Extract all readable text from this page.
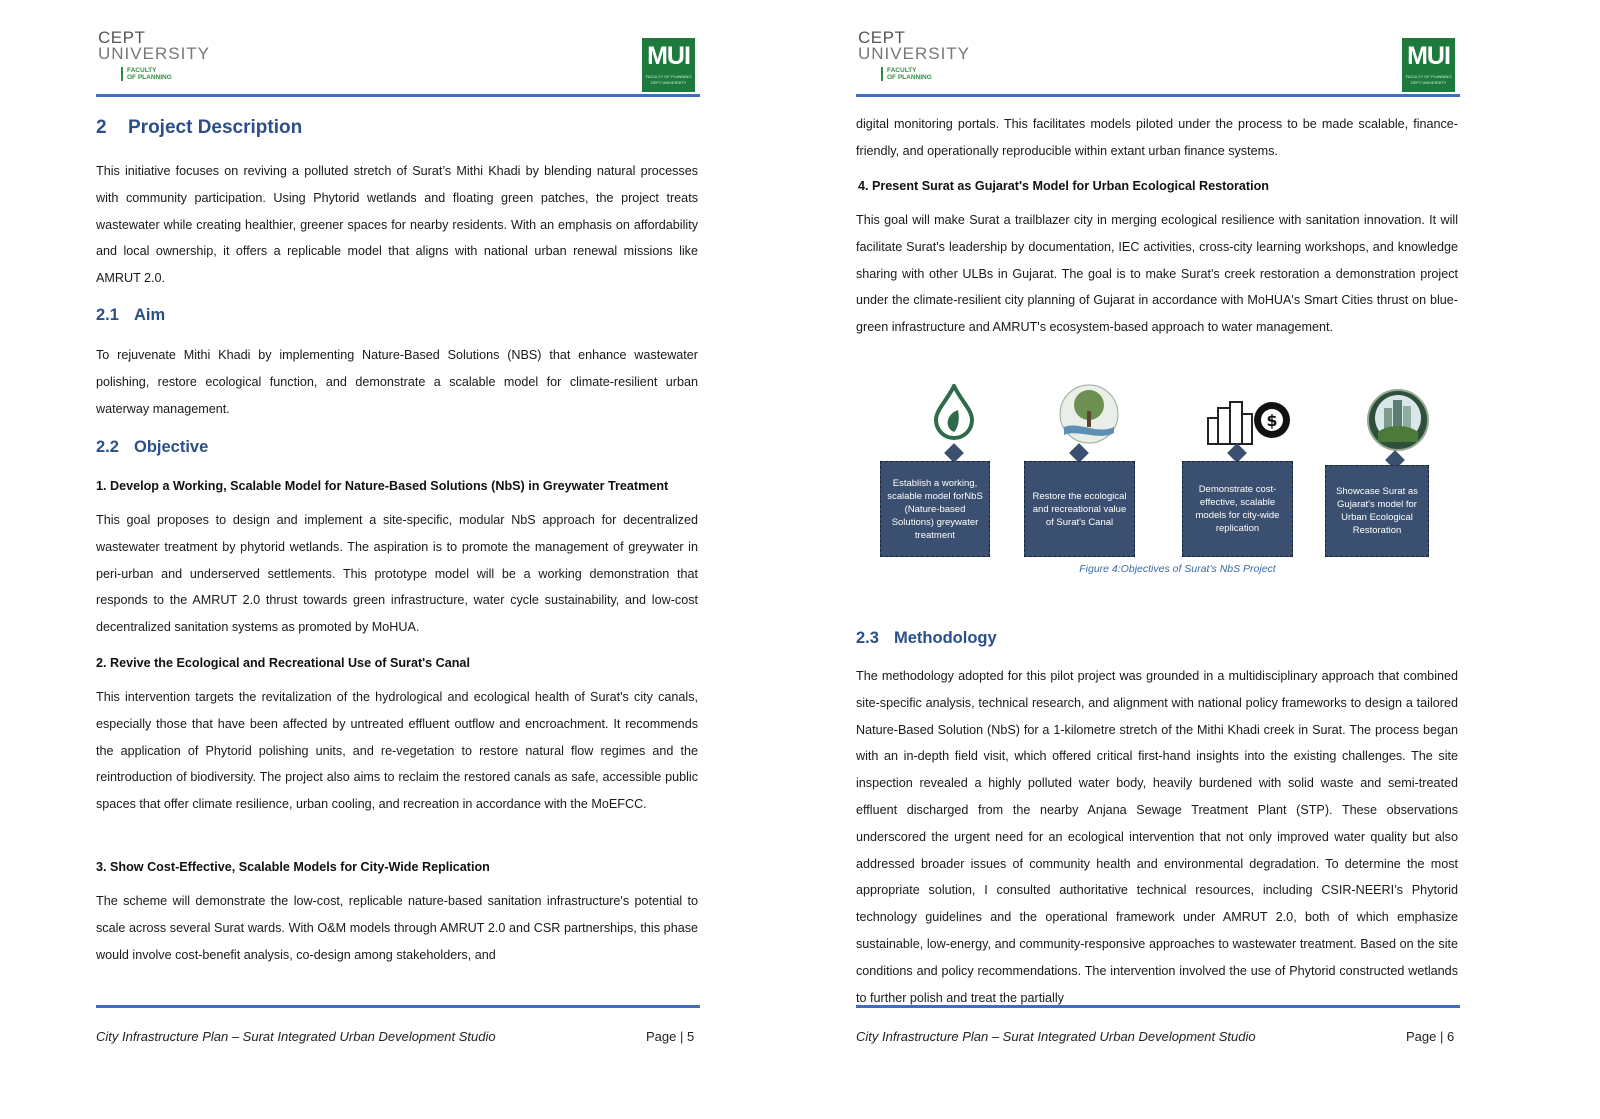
CEPT
UNIVERSITY
FACULTY
OF PLANNING
MUI
FACULTY OF PLANNING
CEPT UNIVERSITY
2 Project Description
This initiative focuses on reviving a polluted stretch of Surat’s Mithi Khadi by blending natural processes with community participation. Using Phytorid wetlands and floating green patches, the project treats wastewater while creating healthier, greener spaces for nearby residents. With an emphasis on affordability and local ownership, it offers a replicable model that aligns with national urban renewal missions like AMRUT 2.0.
2.1 Aim
To rejuvenate Mithi Khadi by implementing Nature-Based Solutions (NBS) that enhance wastewater polishing, restore ecological function, and demonstrate a scalable model for climate-resilient urban waterway management.
2.2 Objective
1. Develop a Working, Scalable Model for Nature-Based Solutions (NbS) in Greywater Treatment
This goal proposes to design and implement a site-specific, modular NbS approach for decentralized wastewater treatment by phytorid wetlands. The aspiration is to promote the management of greywater in peri-urban and underserved settlements. This prototype model will be a working demonstration that responds to the AMRUT 2.0 thrust towards green infrastructure, water cycle sustainability, and low-cost decentralized sanitation systems as promoted by MoHUA.
2. Revive the Ecological and Recreational Use of Surat's Canal
This intervention targets the revitalization of the hydrological and ecological health of Surat's city canals, especially those that have been affected by untreated effluent outflow and encroachment. It recommends the application of Phytorid polishing units, and re-vegetation to restore natural flow regimes and the reintroduction of biodiversity. The project also aims to reclaim the restored canals as safe, accessible public spaces that offer climate resilience, urban cooling, and recreation in accordance with the MoEFCC.
3. Show Cost-Effective, Scalable Models for City-Wide Replication
The scheme will demonstrate the low-cost, replicable nature-based sanitation infrastructure's potential to scale across several Surat wards. With O&M models through AMRUT 2.0 and CSR partnerships, this phase would involve cost-benefit analysis, co-design among stakeholders, and
City Infrastructure Plan – Surat Integrated Urban Development Studio	Page | 5
CEPT
UNIVERSITY
FACULTY
OF PLANNING
MUI
FACULTY OF PLANNING
CEPT UNIVERSITY
digital monitoring portals. This facilitates models piloted under the process to be made scalable, finance-friendly, and operationally reproducible within extant urban finance systems.
4. Present Surat as Gujarat's Model for Urban Ecological Restoration
This goal will make Surat a trailblazer city in merging ecological resilience with sanitation innovation. It will facilitate Surat's leadership by documentation, IEC activities, cross-city learning workshops, and knowledge sharing with other ULBs in Gujarat. The goal is to make Surat's creek restoration a demonstration project under the climate-resilient city planning of Gujarat in accordance with MoHUA's Smart Cities thrust on blue-green infrastructure and AMRUT's ecosystem-based approach to water management.
2.3 Methodology
The methodology adopted for this pilot project was grounded in a multidisciplinary approach that combined site-specific analysis, technical research, and alignment with national policy frameworks to design a tailored Nature-Based Solution (NbS) for a 1-kilometre stretch of the Mithi Khadi creek in Surat. The process began with an in-depth field visit, which offered critical first-hand insights into the existing challenges. The site inspection revealed a highly polluted water body, heavily burdened with solid waste and semi-treated effluent discharged from the nearby Anjana Sewage Treatment Plant (STP). These observations underscored the urgent need for an ecological intervention that not only improved water quality but also addressed broader issues of community health and environmental degradation. To determine the most appropriate solution, I consulted authoritative technical resources, including CSIR-NEERI’s Phytorid technology guidelines and the operational framework under AMRUT 2.0, both of which emphasize sustainable, low-energy, and community-responsive approaches to wastewater treatment. Based on the site conditions and policy recommendations. The intervention involved the use of Phytorid constructed wetlands to further polish and treat the partially
City Infrastructure Plan – Surat Integrated Urban Development Studio	Page | 6
$
Establish a working, scalable model forNbS (Nature-based Solutions) greywater treatment
Restore the ecological and recreational value of Surat's Canal
Demonstrate cost-effective, scalable models for city-wide replication
Showcase Surat as Gujarat's model for Urban Ecological Restoration
Figure 4:Objectives of Surat’s NbS Project
